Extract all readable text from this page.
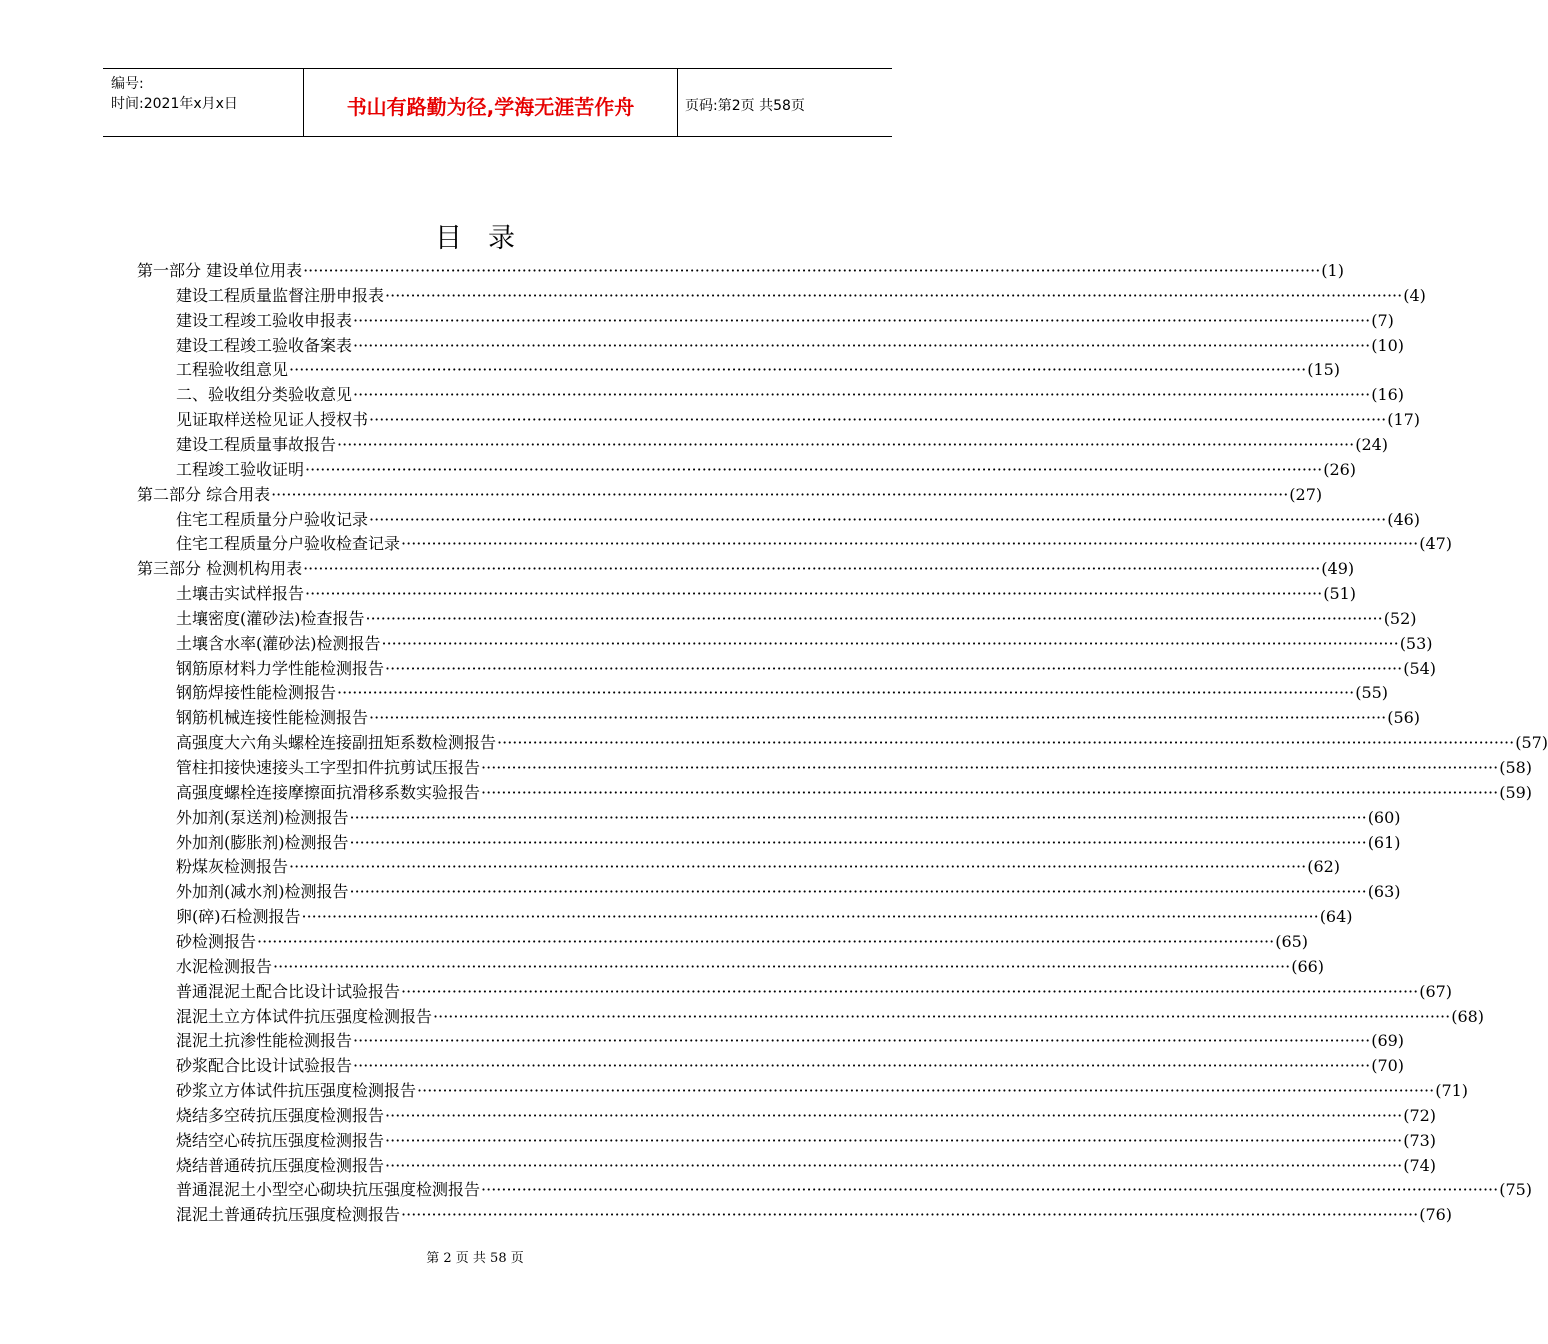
编号:
时间:2021年x月x日	书山有路勤为径,学海无涯苦作舟	页码:第2页 共58页
目录
第一部分 建设单位用表 ········································································································································································································ (1)
建设工程质量监督注册申报表 ········································································································································································································ (4)
建设工程竣工验收申报表 ········································································································································································································ (7)
建设工程竣工验收备案表 ········································································································································································································ (10)
工程验收组意见 ········································································································································································································ (15)
二、验收组分类验收意见 ········································································································································································································ (16)
见证取样送检见证人授权书 ········································································································································································································ (17)
建设工程质量事故报告 ········································································································································································································ (24)
工程竣工验收证明 ········································································································································································································ (26)
第二部分 综合用表 ········································································································································································································ (27)
住宅工程质量分户验收记录 ········································································································································································································ (46)
住宅工程质量分户验收检查记录 ········································································································································································································ (47)
第三部分 检测机构用表 ········································································································································································································ (49)
土壤击实试样报告 ········································································································································································································ (51)
土壤密度(灌砂法)检查报告 ········································································································································································································ (52)
土壤含水率(灌砂法)检测报告 ········································································································································································································ (53)
钢筋原材料力学性能检测报告 ········································································································································································································ (54)
钢筋焊接性能检测报告 ········································································································································································································ (55)
钢筋机械连接性能检测报告 ········································································································································································································ (56)
高强度大六角头螺栓连接副扭矩系数检测报告 ········································································································································································································ (57)
管柱扣接快速接头工字型扣件抗剪试压报告 ········································································································································································································ (58)
高强度螺栓连接摩擦面抗滑移系数实验报告 ········································································································································································································ (59)
外加剂(泵送剂)检测报告 ········································································································································································································ (60)
外加剂(膨胀剂)检测报告 ········································································································································································································ (61)
粉煤灰检测报告 ········································································································································································································ (62)
外加剂(减水剂)检测报告 ········································································································································································································ (63)
卵(碎)石检测报告 ········································································································································································································ (64)
砂检测报告 ········································································································································································································ (65)
水泥检测报告 ········································································································································································································ (66)
普通混泥土配合比设计试验报告 ········································································································································································································ (67)
混泥土立方体试件抗压强度检测报告 ········································································································································································································ (68)
混泥土抗渗性能检测报告 ········································································································································································································ (69)
砂浆配合比设计试验报告 ········································································································································································································ (70)
砂浆立方体试件抗压强度检测报告 ········································································································································································································ (71)
烧结多空砖抗压强度检测报告 ········································································································································································································ (72)
烧结空心砖抗压强度检测报告 ········································································································································································································ (73)
烧结普通砖抗压强度检测报告 ········································································································································································································ (74)
普通混泥土小型空心砌块抗压强度检测报告 ········································································································································································································ (75)
混泥土普通砖抗压强度检测报告 ········································································································································································································ (76)
第 2 页 共 58 页
